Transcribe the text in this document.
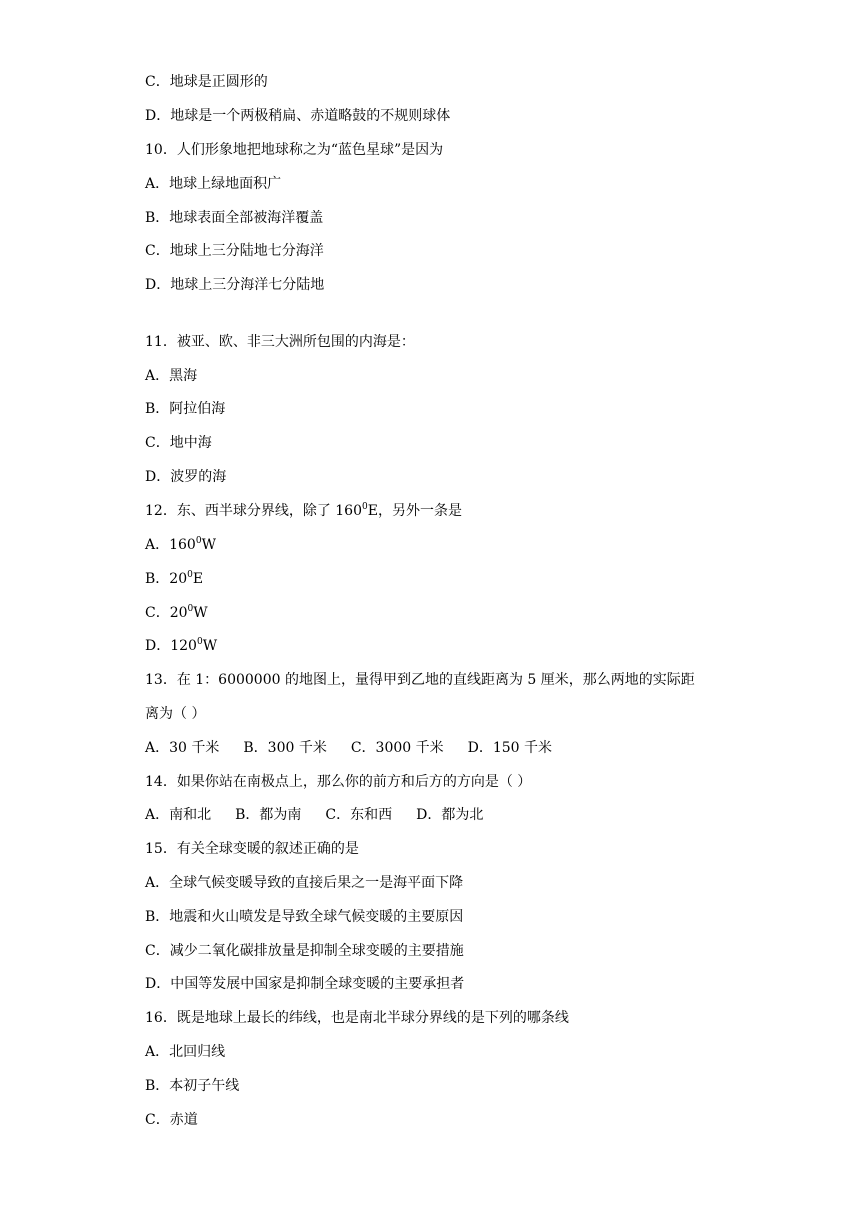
C．地球是正圆形的
D．地球是一个两极稍扁、赤道略鼓的不规则球体
10．人们形象地把地球称之为“蓝色星球”是因为
A．地球上绿地面积广
B．地球表面全部被海洋覆盖
C．地球上三分陆地七分海洋
D．地球上三分海洋七分陆地
11．被亚、欧、非三大洲所包围的内海是：
A．黑海
B．阿拉伯海
C．地中海
D．波罗的海
12．东、西半球分界线，除了 $160^0E$，另外一条是
A．$160^0W$
B．$20^0E$
C．$20^0W$
D．$120^0W$
13．在 1：6000000 的地图上，量得甲到乙地的直线距离为 5 厘米，那么两地的实际距
离为（ ）
A．30 千米 B．300 千米 C．3000 千米 D．150 千米
14．如果你站在南极点上，那么你的前方和后方的方向是（ ）
A．南和北 B．都为南 C．东和西 D．都为北
15．有关全球变暖的叙述正确的是
A．全球气候变暖导致的直接后果之一是海平面下降
B．地震和火山喷发是导致全球气候变暖的主要原因
C．减少二氧化碳排放量是抑制全球变暖的主要措施
D．中国等发展中国家是抑制全球变暖的主要承担者
16．既是地球上最长的纬线，也是南北半球分界线的是下列的哪条线
A．北回归线
B．本初子午线
C．赤道
